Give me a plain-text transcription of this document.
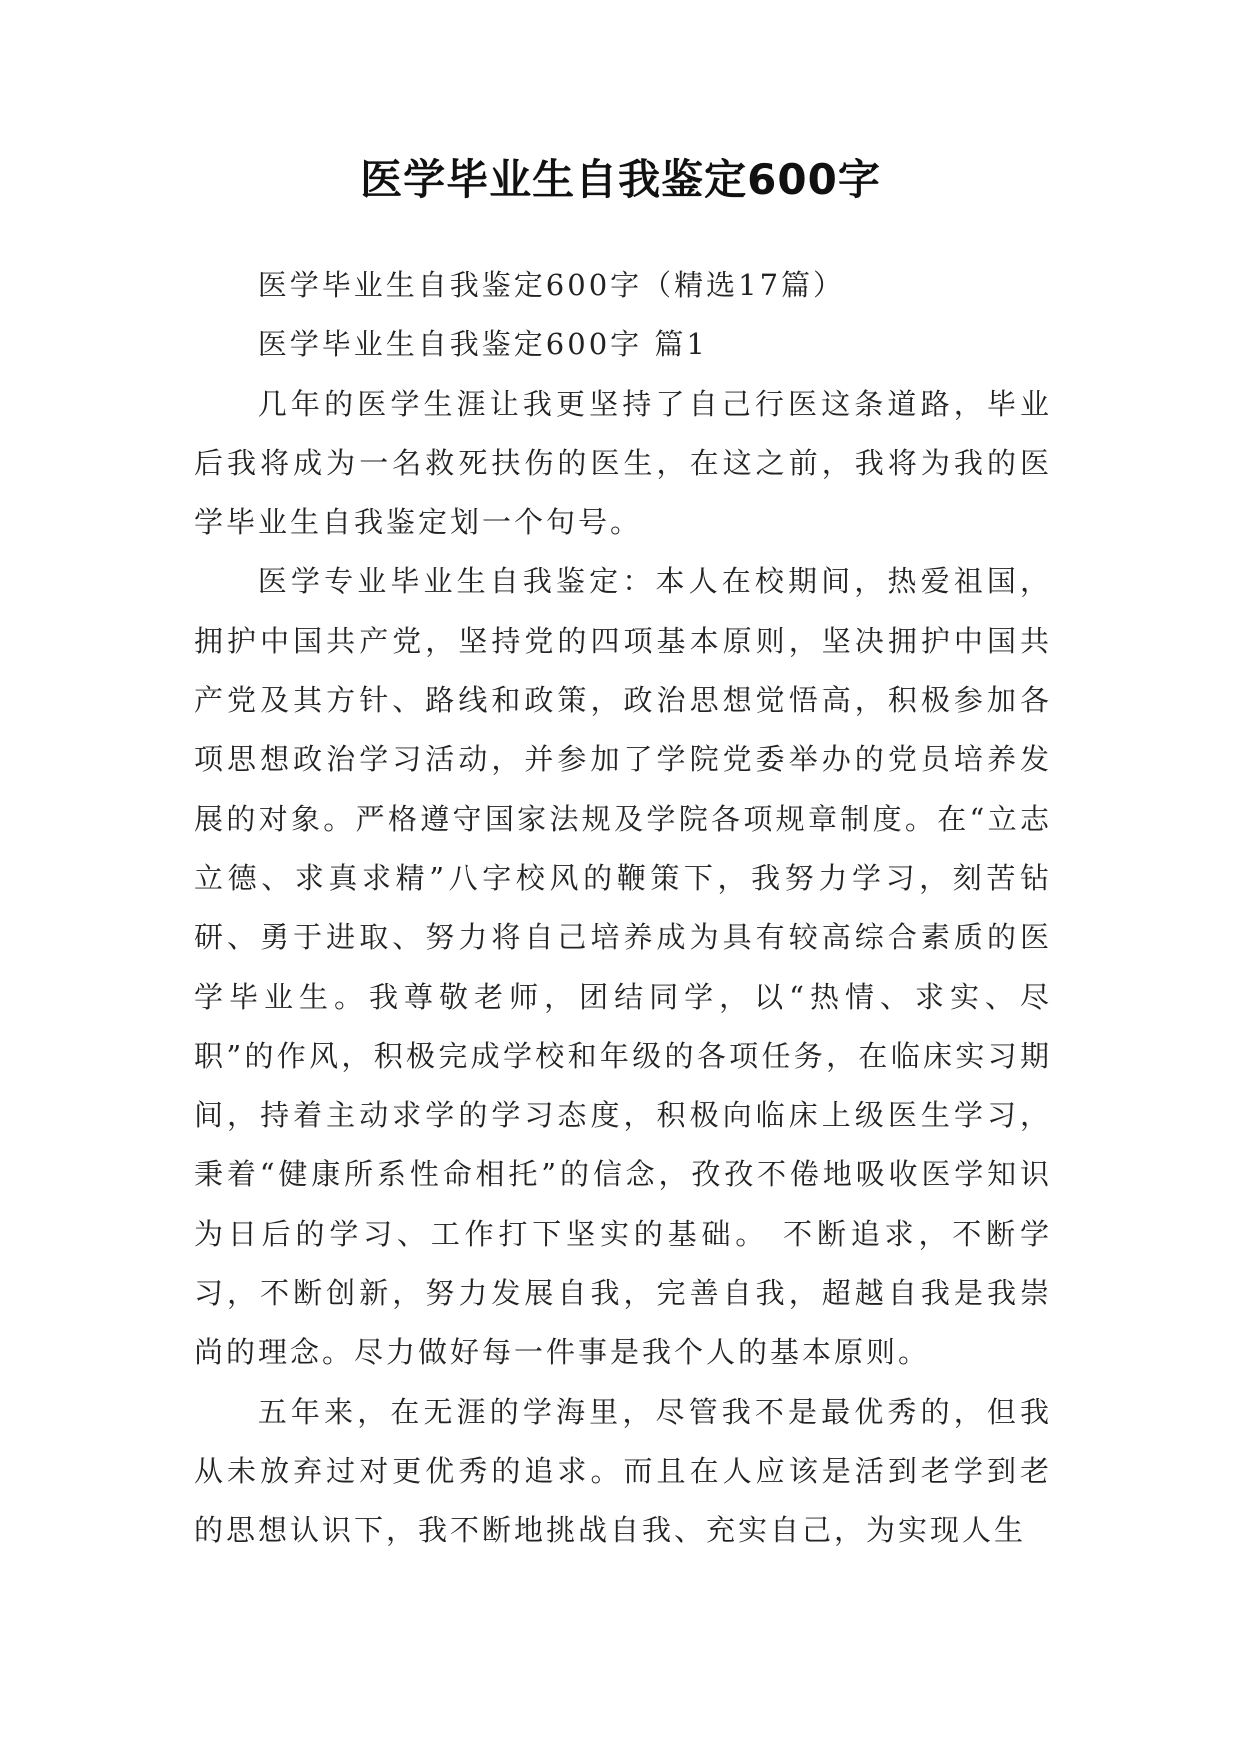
医学毕业生自我鉴定600字

医学毕业生自我鉴定600字（精选17篇）

医学毕业生自我鉴定600字 篇1

几年的医学生涯让我更坚持了自己行医这条道路，毕业后我将成为一名救死扶伤的医生，在这之前，我将为我的医学毕业生自我鉴定划一个句号。

医学专业毕业生自我鉴定：本人在校期间，热爱祖国，拥护中国共产党，坚持党的四项基本原则，坚决拥护中国共产党及其方针、路线和政策，政治思想觉悟高，积极参加各项思想政治学习活动，并参加了学院党委举办的党员培养发展的对象。严格遵守国家法规及学院各项规章制度。在“立志立德、求真求精”八字校风的鞭策下，我努力学习，刻苦钻研、勇于进取、努力将自己培养成为具有较高综合素质的医学毕业生。我尊敬老师，团结同学，以“热情、求实、尽职”的作风，积极完成学校和年级的各项任务，在临床实习期间，持着主动求学的学习态度，积极向临床上级医生学习，秉着“健康所系性命相托”的信念，孜孜不倦地吸收医学知识为日后的学习、工作打下坚实的基础。 不断追求，不断学习，不断创新，努力发展自我，完善自我，超越自我是我崇尚的理念。尽力做好每一件事是我个人的基本原则。

五年来，在无涯的学海里，尽管我不是最优秀的，但我从未放弃过对更优秀的追求。而且在人应该是活到老学到老的思想认识下，我不断地挑战自我、充实自己，为实现人生
